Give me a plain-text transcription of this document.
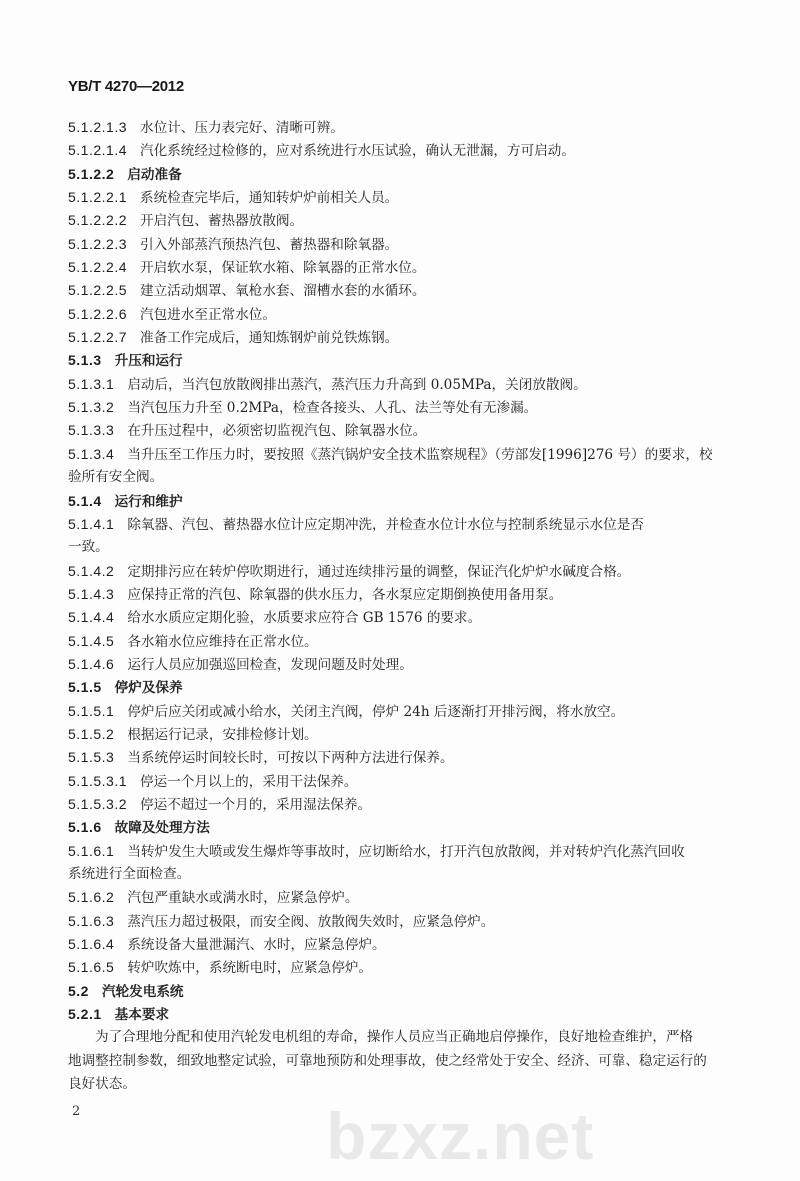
YB/T 4270—2012
5.1.2.1.3 水位计、压力表完好、清晰可辨。
5.1.2.1.4 汽化系统经过检修的，应对系统进行水压试验，确认无泄漏，方可启动。
5.1.2.2 启动准备
5.1.2.2.1 系统检查完毕后，通知转炉炉前相关人员。
5.1.2.2.2 开启汽包、蓄热器放散阀。
5.1.2.2.3 引入外部蒸汽预热汽包、蓄热器和除氧器。
5.1.2.2.4 开启软水泵，保证软水箱、除氧器的正常水位。
5.1.2.2.5 建立活动烟罩、氧枪水套、溜槽水套的水循环。
5.1.2.2.6 汽包进水至正常水位。
5.1.2.2.7 准备工作完成后，通知炼钢炉前兑铁炼钢。
5.1.3 升压和运行
5.1.3.1 启动后，当汽包放散阀排出蒸汽，蒸汽压力升高到 0.05MPa，关闭放散阀。
5.1.3.2 当汽包压力升至 0.2MPa，检查各接头、人孔、法兰等处有无渗漏。
5.1.3.3 在升压过程中，必须密切监视汽包、除氧器水位。
5.1.3.4 当升压至工作压力时，要按照《蒸汽锅炉安全技术监察规程》（劳部发[1996]276 号）的要求，校
验所有安全阀。
5.1.4 运行和维护
5.1.4.1 除氧器、汽包、蓄热器水位计应定期冲洗，并检查水位计水位与控制系统显示水位是否
一致。
5.1.4.2 定期排污应在转炉停吹期进行，通过连续排污量的调整，保证汽化炉炉水碱度合格。
5.1.4.3 应保持正常的汽包、除氧器的供水压力，各水泵应定期倒换使用备用泵。
5.1.4.4 给水水质应定期化验，水质要求应符合 GB 1576 的要求。
5.1.4.5 各水箱水位应维持在正常水位。
5.1.4.6 运行人员应加强巡回检查，发现问题及时处理。
5.1.5 停炉及保养
5.1.5.1 停炉后应关闭或减小给水，关闭主汽阀，停炉 24h 后逐渐打开排污阀，将水放空。
5.1.5.2 根据运行记录，安排检修计划。
5.1.5.3 当系统停运时间较长时，可按以下两种方法进行保养。
5.1.5.3.1 停运一个月以上的，采用干法保养。
5.1.5.3.2 停运不超过一个月的，采用湿法保养。
5.1.6 故障及处理方法
5.1.6.1 当转炉发生大喷或发生爆炸等事故时，应切断给水，打开汽包放散阀，并对转炉汽化蒸汽回收
系统进行全面检查。
5.1.6.2 汽包严重缺水或满水时，应紧急停炉。
5.1.6.3 蒸汽压力超过极限，而安全阀、放散阀失效时，应紧急停炉。
5.1.6.4 系统设备大量泄漏汽、水时，应紧急停炉。
5.1.6.5 转炉吹炼中，系统断电时，应紧急停炉。
5.2 汽轮发电系统
5.2.1 基本要求
为了合理地分配和使用汽轮发电机组的寿命，操作人员应当正确地启停操作，良好地检查维护，严格
地调整控制参数，细致地整定试验，可靠地预防和处理事故，使之经常处于安全、经济、可靠、稳定运行的
良好状态。
2	bzxz.net
